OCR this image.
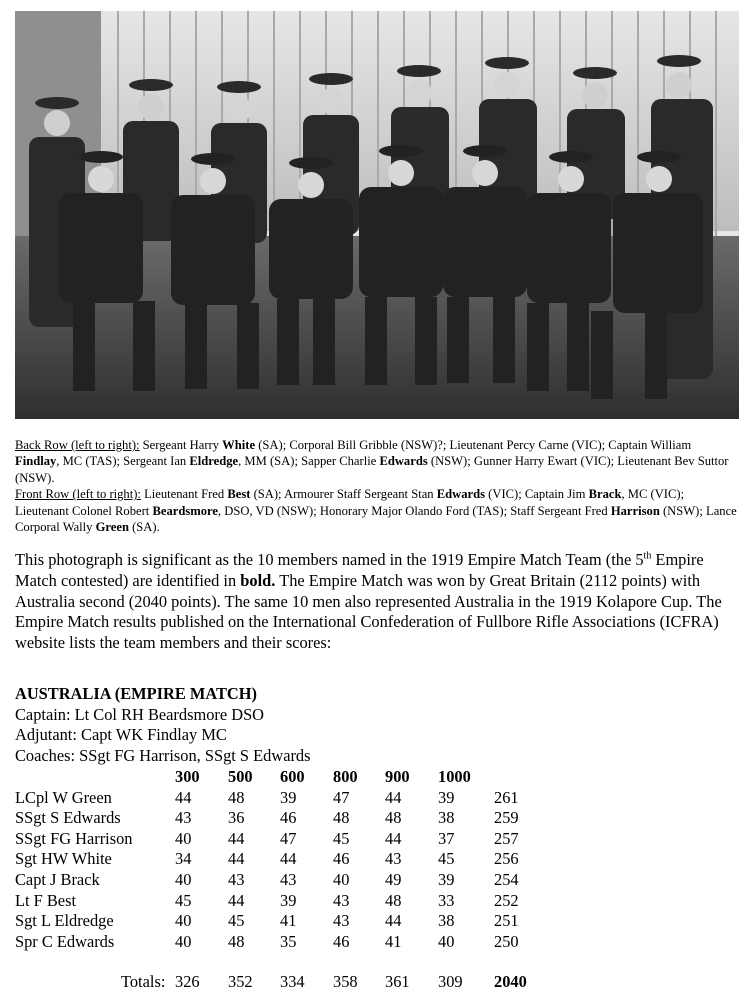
Back Row (left to right): Sergeant Harry White (SA); Corporal Bill Gribble (NSW)?; Lieutenant Percy Carne (VIC); Captain William Findlay, MC (TAS); Sergeant Ian Eldredge, MM (SA); Sapper Charlie Edwards (NSW); Gunner Harry Ewart (VIC); Lieutenant Bev Suttor (NSW).

Front Row (left to right): Lieutenant Fred Best (SA); Armourer Staff Sergeant Stan Edwards (VIC); Captain Jim Brack, MC (VIC); Lieutenant Colonel Robert Beardsmore, DSO, VD (NSW); Honorary Major Olando Ford (TAS); Staff Sergeant Fred Harrison (NSW); Lance Corporal Wally Green (SA).

This photograph is significant as the 10 members named in the 1919 Empire Match Team (the 5th Empire Match contested) are identified in bold. The Empire Match was won by Great Britain (2112 points) with Australia second (2040 points). The same 10 men also represented Australia in the 1919 Kolapore Cup. The Empire Match results published on the International Confederation of Fullbore Rifle Associations (ICFRA) website lists the team members and their scores:

AUSTRALIA (EMPIRE MATCH)
Captain: Lt Col RH Beardsmore DSO
Adjutant: Capt WK Findlay MC
Coaches: SSgt FG Harrison, SSgt S Edwards
300 500 600 800 900 1000
LCpl W Green	44 48 39 47 44 39 261
SSgt S Edwards	43 36 46 48 48 38 259
SSgt FG Harrison	40 44 47 45 44 37 257
Sgt HW White	34 44 44 46 43 45 256
Capt J Brack	40 43 43 40 49 39 254
Lt F Best	45 44 39 43 48 33 252
Sgt L Eldredge	40 45 41 43 44 38 251
Spr C Edwards	40 48 35 46 41 40 250
Totals: 326 352 334 358 361 309 2040
